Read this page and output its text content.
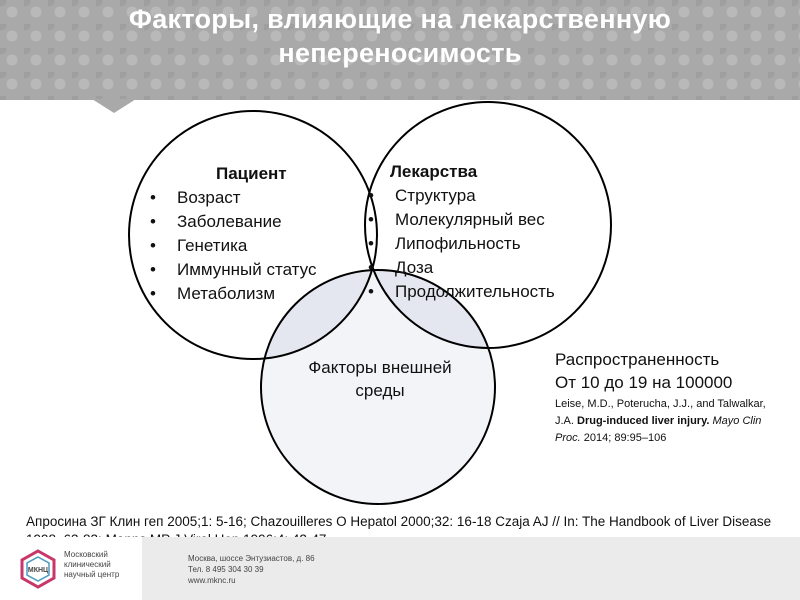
Факторы, влияющие на лекарственную непереносимость
Пациент
• Возраст
• Заболевание
• Генетика
• Иммунный статус
• Метаболизм
Лекарства
• Структура
• Молекулярный вес
• Липофильность
• Доза
• Продолжительность
Факторы внешней среды
Распространенность
От 10 до 19 на 100000
Leise, M.D., Poterucha, J.J., and Talwalkar, J.A. Drug-induced liver injury. Mayo Clin Proc. 2014; 89:95–106
Апросина ЗГ Клин геп 2005;1: 5-16; Chazouilleres O Hepatol 2000;32: 16-18 Czaja AJ // In: The Handbook of Liver Disease
МКНЦ
Московский
клинический
научный центр
Москва, шоссе Энтузиастов, д. 86
Тел. 8 495 304 30 39
www.mknc.ru
